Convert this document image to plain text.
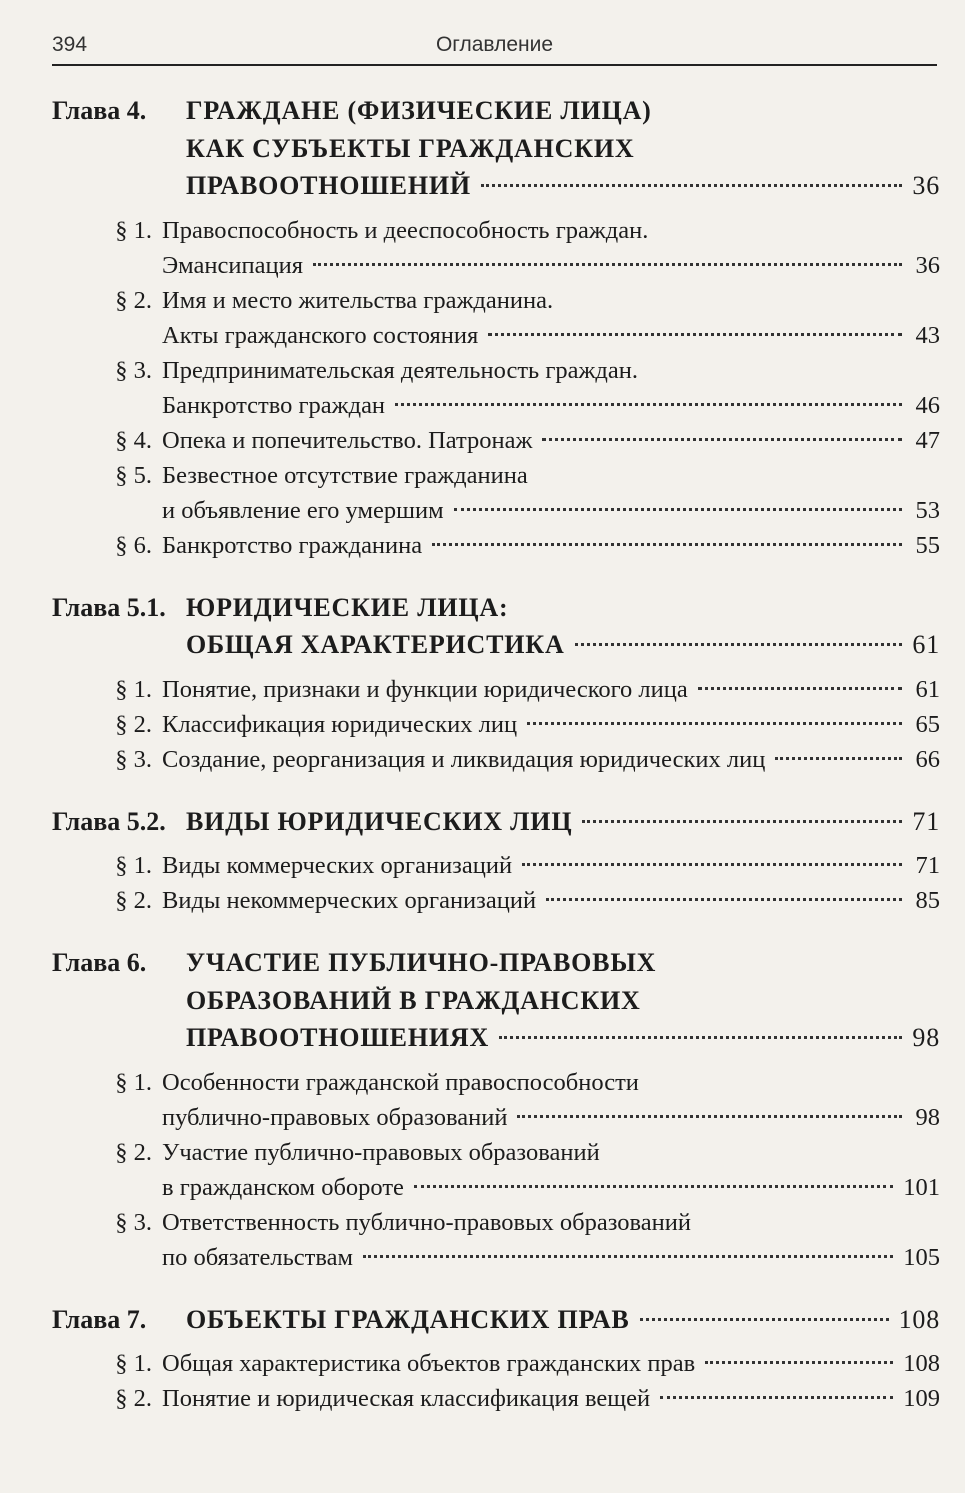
394	Оглавление
Глава 4.	ГРАЖДАНЕ (ФИЗИЧЕСКИЕ ЛИЦА)
КАК СУБЪЕКТЫ ГРАЖДАНСКИХ
ПРАВООТНОШЕНИЙ	36
§ 1. Правоспособность и дееспособность граждан.
Эмансипация	36
§ 2. Имя и место жительства гражданина.
Акты гражданского состояния	43
§ 3. Предпринимательская деятельность граждан.
Банкротство граждан	46
§ 4. Опека и попечительство. Патронаж	47
§ 5. Безвестное отсутствие гражданина
и объявление его умершим	53
§ 6. Банкротство гражданина	55
Глава 5.1. ЮРИДИЧЕСКИЕ ЛИЦА:
ОБЩАЯ ХАРАКТЕРИСТИКА	61
§ 1. Понятие, признаки и функции юридического лица	61
§ 2. Классификация юридических лиц	65
§ 3. Создание, реорганизация и ликвидация юридических лиц	66
Глава 5.2. ВИДЫ ЮРИДИЧЕСКИХ ЛИЦ	71
§ 1. Виды коммерческих организаций	71
§ 2. Виды некоммерческих организаций	85
Глава 6.	УЧАСТИЕ ПУБЛИЧНО-ПРАВОВЫХ
ОБРАЗОВАНИЙ В ГРАЖДАНСКИХ
ПРАВООТНОШЕНИЯХ	98
§ 1. Особенности гражданской правоспособности
публично-правовых образований	98
§ 2. Участие публично-правовых образований
в гражданском обороте	101
§ 3. Ответственность публично-правовых образований
по обязательствам	105
Глава 7.	ОБЪЕКТЫ ГРАЖДАНСКИХ ПРАВ	108
§ 1. Общая характеристика объектов гражданских прав	108
§ 2. Понятие и юридическая классификация вещей	109
